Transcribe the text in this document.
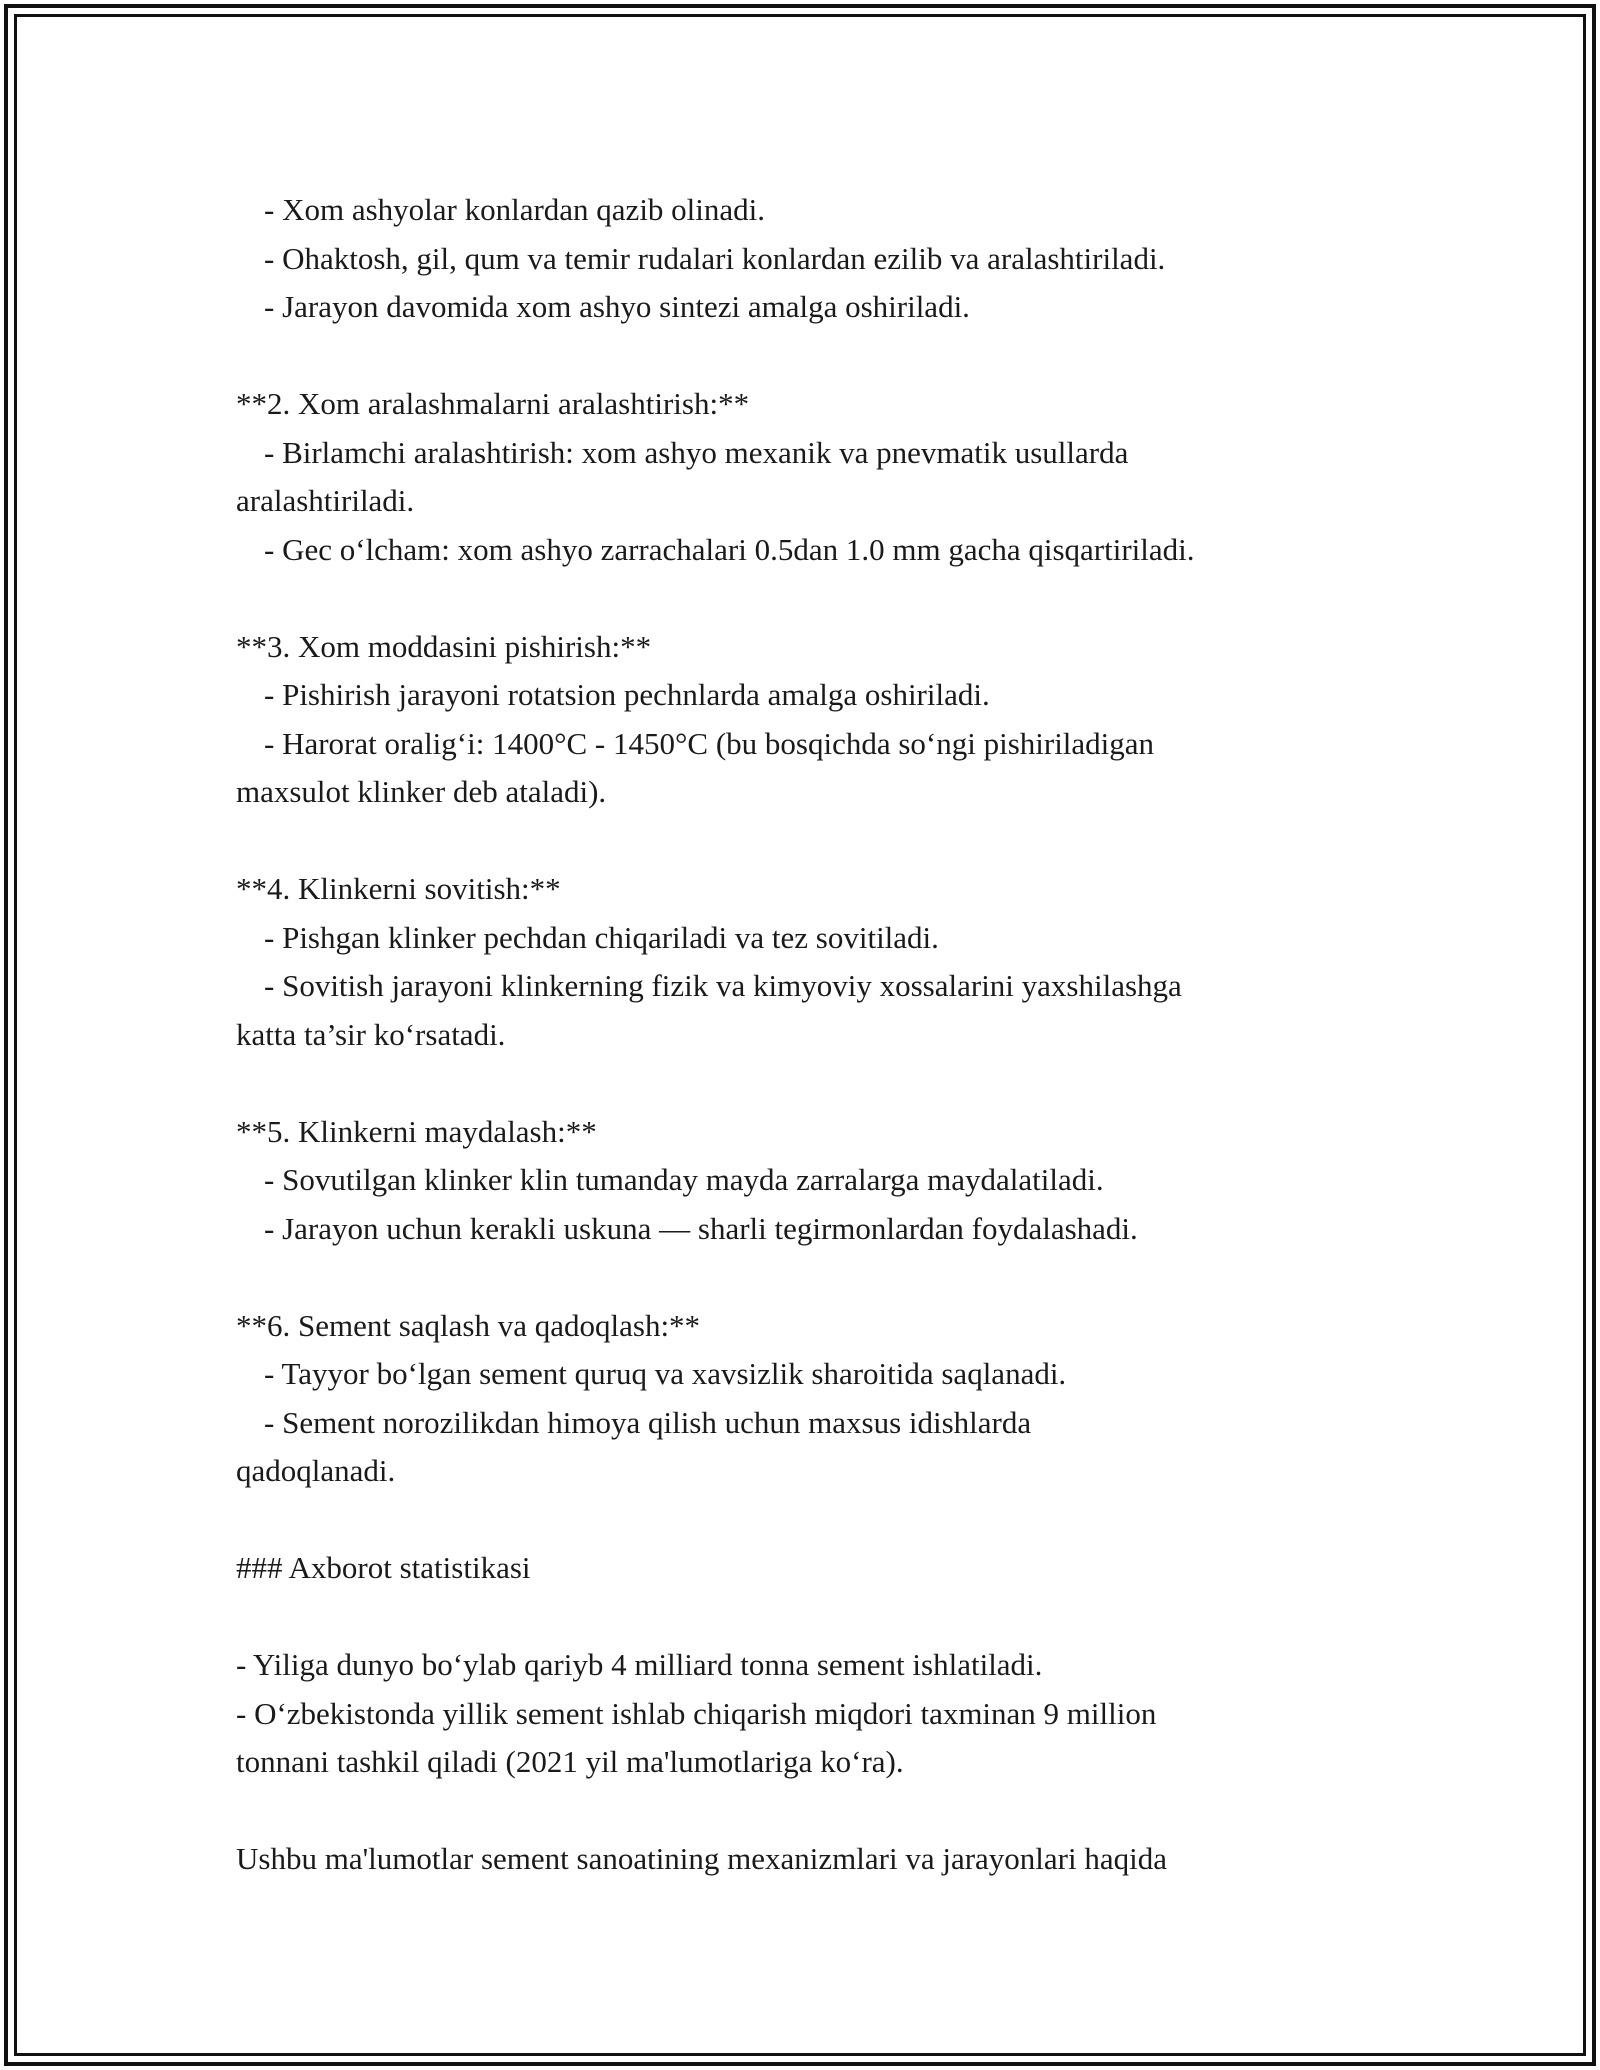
- Xom ashyolar konlardan qazib olinadi.
- Ohaktosh, gil, qum va temir rudalari konlardan ezilib va aralashtiriladi.
- Jarayon davomida xom ashyo sintezi amalga oshiriladi.
**2. Xom aralashmalarni aralashtirish:**
- Birlamchi aralashtirish: xom ashyo mexanik va pnevmatik usullarda
aralashtiriladi.
- Gec o‘lcham: xom ashyo zarrachalari 0.5dan 1.0 mm gacha qisqartiriladi.
**3. Xom moddasini pishirish:**
- Pishirish jarayoni rotatsion pechnlarda amalga oshiriladi.
- Harorat oralig‘i: 1400°C - 1450°C (bu bosqichda so‘ngi pishiriladigan
maxsulot klinker deb ataladi).
**4. Klinkerni sovitish:**
- Pishgan klinker pechdan chiqariladi va tez sovitiladi.
- Sovitish jarayoni klinkerning fizik va kimyoviy xossalarini yaxshilashga
katta ta’sir ko‘rsatadi.
**5. Klinkerni maydalash:**
- Sovutilgan klinker klin tumanday mayda zarralarga maydalatiladi.
- Jarayon uchun kerakli uskuna — sharli tegirmonlardan foydalashadi.
**6. Sement saqlash va qadoqlash:**
- Tayyor bo‘lgan sement quruq va xavsizlik sharoitida saqlanadi.
- Sement norozilikdan himoya qilish uchun maxsus idishlarda
qadoqlanadi.
### Axborot statistikasi
- Yiliga dunyo bo‘ylab qariyb 4 milliard tonna sement ishlatiladi.
- O‘zbekistonda yillik sement ishlab chiqarish miqdori taxminan 9 million
tonnani tashkil qiladi (2021 yil ma'lumotlariga ko‘ra).
Ushbu ma'lumotlar sement sanoatining mexanizmlari va jarayonlari haqida
